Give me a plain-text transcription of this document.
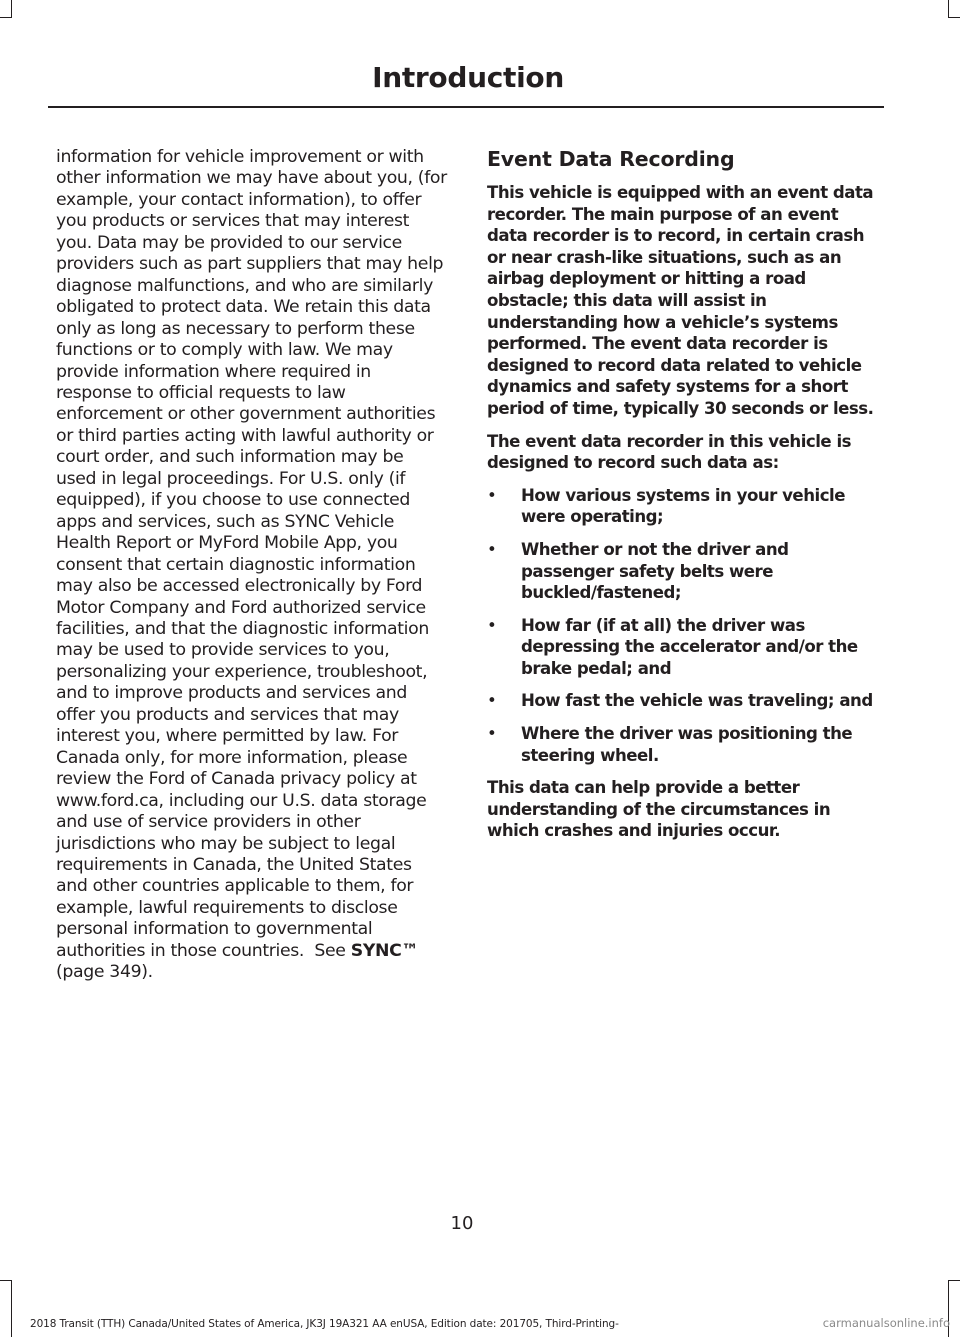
Introduction

information for vehicle improvement or with other information we may have about you, (for example, your contact information), to offer you products or services that may interest you. Data may be provided to our service providers such as part suppliers that may help diagnose malfunctions, and who are similarly obligated to protect data. We retain this data only as long as necessary to perform these functions or to comply with law. We may provide information where required in response to official requests to law enforcement or other government authorities or third parties acting with lawful authority or court order, and such information may be used in legal proceedings. For U.S. only (if equipped), if you choose to use connected apps and services, such as SYNC Vehicle Health Report or MyFord Mobile App, you consent that certain diagnostic information may also be accessed electronically by Ford Motor Company and Ford authorized service facilities, and that the diagnostic information may be used to provide services to you, personalizing your experience, troubleshoot, and to improve products and services and offer you products and services that may interest you, where permitted by law. For Canada only, for more information, please review the Ford of Canada privacy policy at www.ford.ca, including our U.S. data storage and use of service providers in other jurisdictions who may be subject to legal requirements in Canada, the United States and other countries applicable to them, for example, lawful requirements to disclose personal information to governmental authorities in those countries. See SYNC™ (page 349).

Event Data Recording

This vehicle is equipped with an event data recorder. The main purpose of an event data recorder is to record, in certain crash or near crash-like situations, such as an airbag deployment or hitting a road obstacle; this data will assist in understanding how a vehicle’s systems performed. The event data recorder is designed to record data related to vehicle dynamics and safety systems for a short period of time, typically 30 seconds or less.

The event data recorder in this vehicle is designed to record such data as:

• How various systems in your vehicle were operating;
• Whether or not the driver and passenger safety belts were buckled/fastened;
• How far (if at all) the driver was depressing the accelerator and/or the brake pedal; and
• How fast the vehicle was traveling; and
• Where the driver was positioning the steering wheel.

This data can help provide a better understanding of the circumstances in which crashes and injuries occur.

10
2018 Transit (TTH) Canada/United States of America, JK3J 19A321 AA enUSA, Edition date: 201705, Third-Printing-	carmanualsonline.info
